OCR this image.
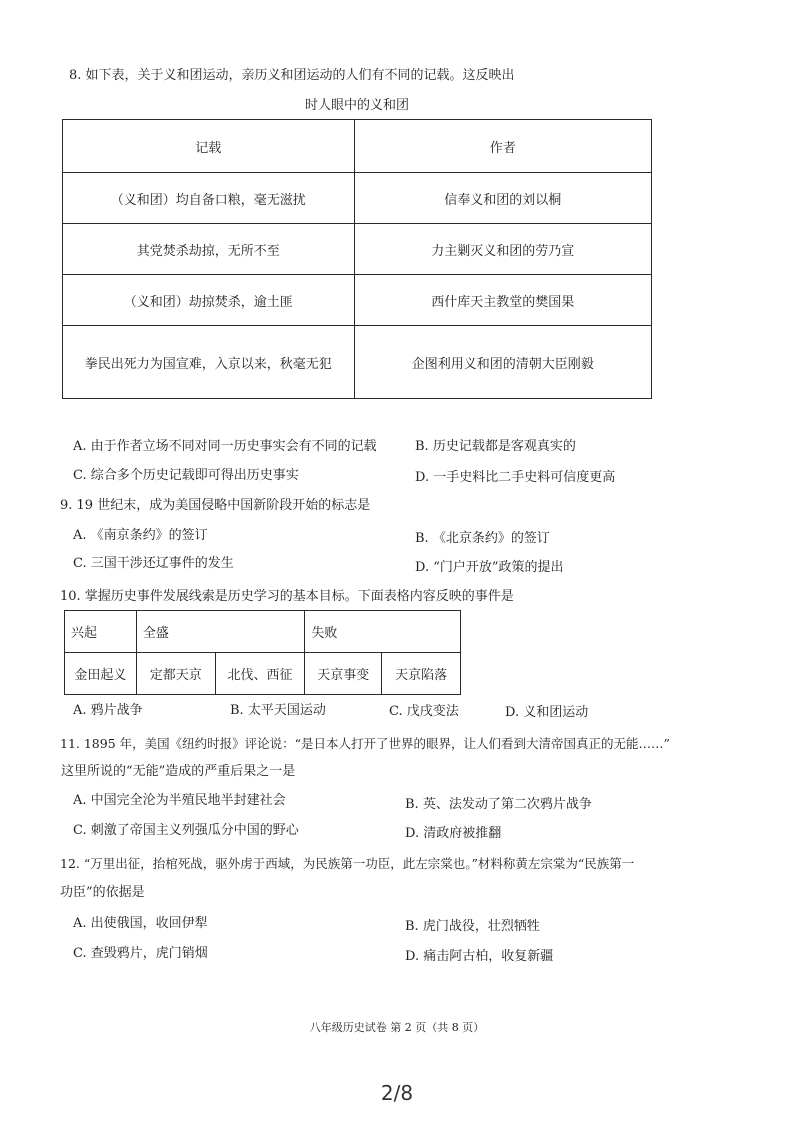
8. 如下表，关于义和团运动，亲历义和团运动的人们有不同的记载。这反映出
时人眼中的义和团
记载	作者
（义和团）均自备口粮，毫无滋扰	信奉义和团的刘以桐
其党焚杀劫掠，无所不至	力主剿灭义和团的劳乃宣
（义和团）劫掠焚杀，逾土匪	西什库天主教堂的樊国果
拳民出死力为国宣难，入京以来，秋毫无犯	企图利用义和团的清朝大臣刚毅
A. 由于作者立场不同对同一历史事实会有不同的记载	B. 历史记载都是客观真实的
C. 综合多个历史记载即可得出历史事实	D. 一手史料比二手史料可信度更高
9. 19 世纪末，成为美国侵略中国新阶段开始的标志是
A. 《南京条约》的签订	B. 《北京条约》的签订
C. 三国干涉还辽事件的发生	D. “门户开放”政策的提出
10. 掌握历史事件发展线索是历史学习的基本目标。下面表格内容反映的事件是
兴起	全盛		失败	
金田起义	定都天京	北伐、西征	天京事变	天京陷落
A. 鸦片战争	B. 太平天国运动	C. 戊戌变法	D. 义和团运动
11. 1895 年，美国《纽约时报》评论说：“是日本人打开了世界的眼界，让人们看到大清帝国真正的无能……”
这里所说的“无能”造成的严重后果之一是
A. 中国完全沦为半殖民地半封建社会	B. 英、法发动了第二次鸦片战争
C. 刺激了帝国主义列强瓜分中国的野心	D. 清政府被推翻
12. “万里出征，抬棺死战，驱外虏于西域，为民族第一功臣，此左宗棠也。”材料称黄左宗棠为“民族第一
功臣”的依据是
A. 出使俄国，收回伊犁	B. 虎门战役，壮烈牺牲
C. 查毁鸦片，虎门销烟	D. 痛击阿古柏，收复新疆
八年级历史试卷 第 2 页（共 8 页）
2/8
